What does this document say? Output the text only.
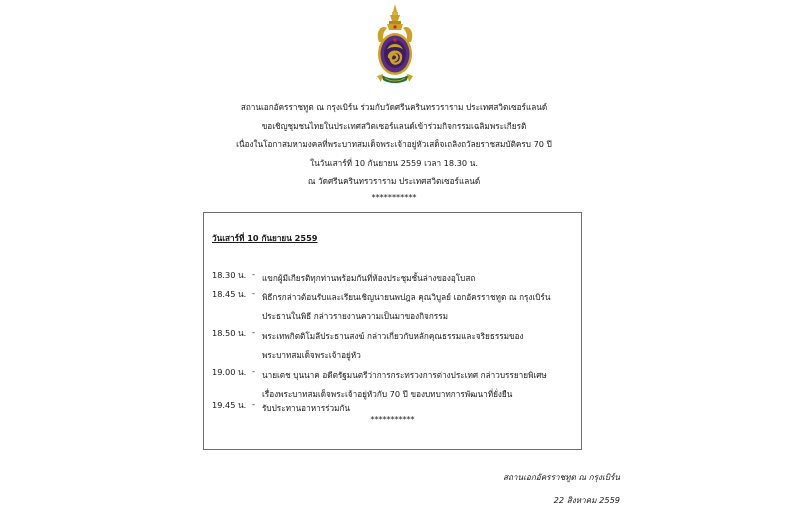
สถานเอกอัครราชทูต ณ กรุงเบิร์น ร่วมกับวัดศรีนครินทรวราราม ประเทศสวิตเซอร์แลนด์
ขอเชิญชุมชนไทยในประเทศสวิตเซอร์แลนด์เข้าร่วมกิจกรรมเฉลิมพระเกียรติ
เนื่องในโอกาสมหามงคลที่พระบาทสมเด็จพระเจ้าอยู่หัวเสด็จเถลิงถวัลยราชสมบัติครบ 70 ปี
ในวันเสาร์ที่ 10 กันยายน 2559 เวลา 18.30 น.
ณ วัดศรีนครินทรวราราม ประเทศสวิตเซอร์แลนด์
***********
วันเสาร์ที่ 10 กันยายน 2559
18.30 น. - แขกผู้มีเกียรติทุกท่านพร้อมกันที่ห้องประชุมชั้นล่างของอุโบสถ
18.45 น. - พิธีกรกล่าวต้อนรับและเรียนเชิญนายนพปฎล คุณวิบูลย์ เอกอัครราชทูต ณ กรุงเบิร์น
ประธานในพิธี กล่าวรายงานความเป็นมาของกิจกรรม
18.50 น. - พระเทพกิตติโมลีประธานสงฆ์ กล่าวเกี่ยวกับหลักคุณธรรมและจริยธรรมของ
พระบาทสมเด็จพระเจ้าอยู่หัว
19.00 น. - นายเตช บุนนาค อดีตรัฐมนตรีว่าการกระทรวงการต่างประเทศ กล่าวบรรยายพิเศษ
เรื่องพระบาทสมเด็จพระเจ้าอยู่หัวกับ 70 ปี ของบทบาทการพัฒนาที่ยั่งยืน
19.45 น. - รับประทานอาหารร่วมกัน
***********
สถานเอกอัครราชทูต ณ กรุงเบิร์น
22 สิงหาคม 2559
